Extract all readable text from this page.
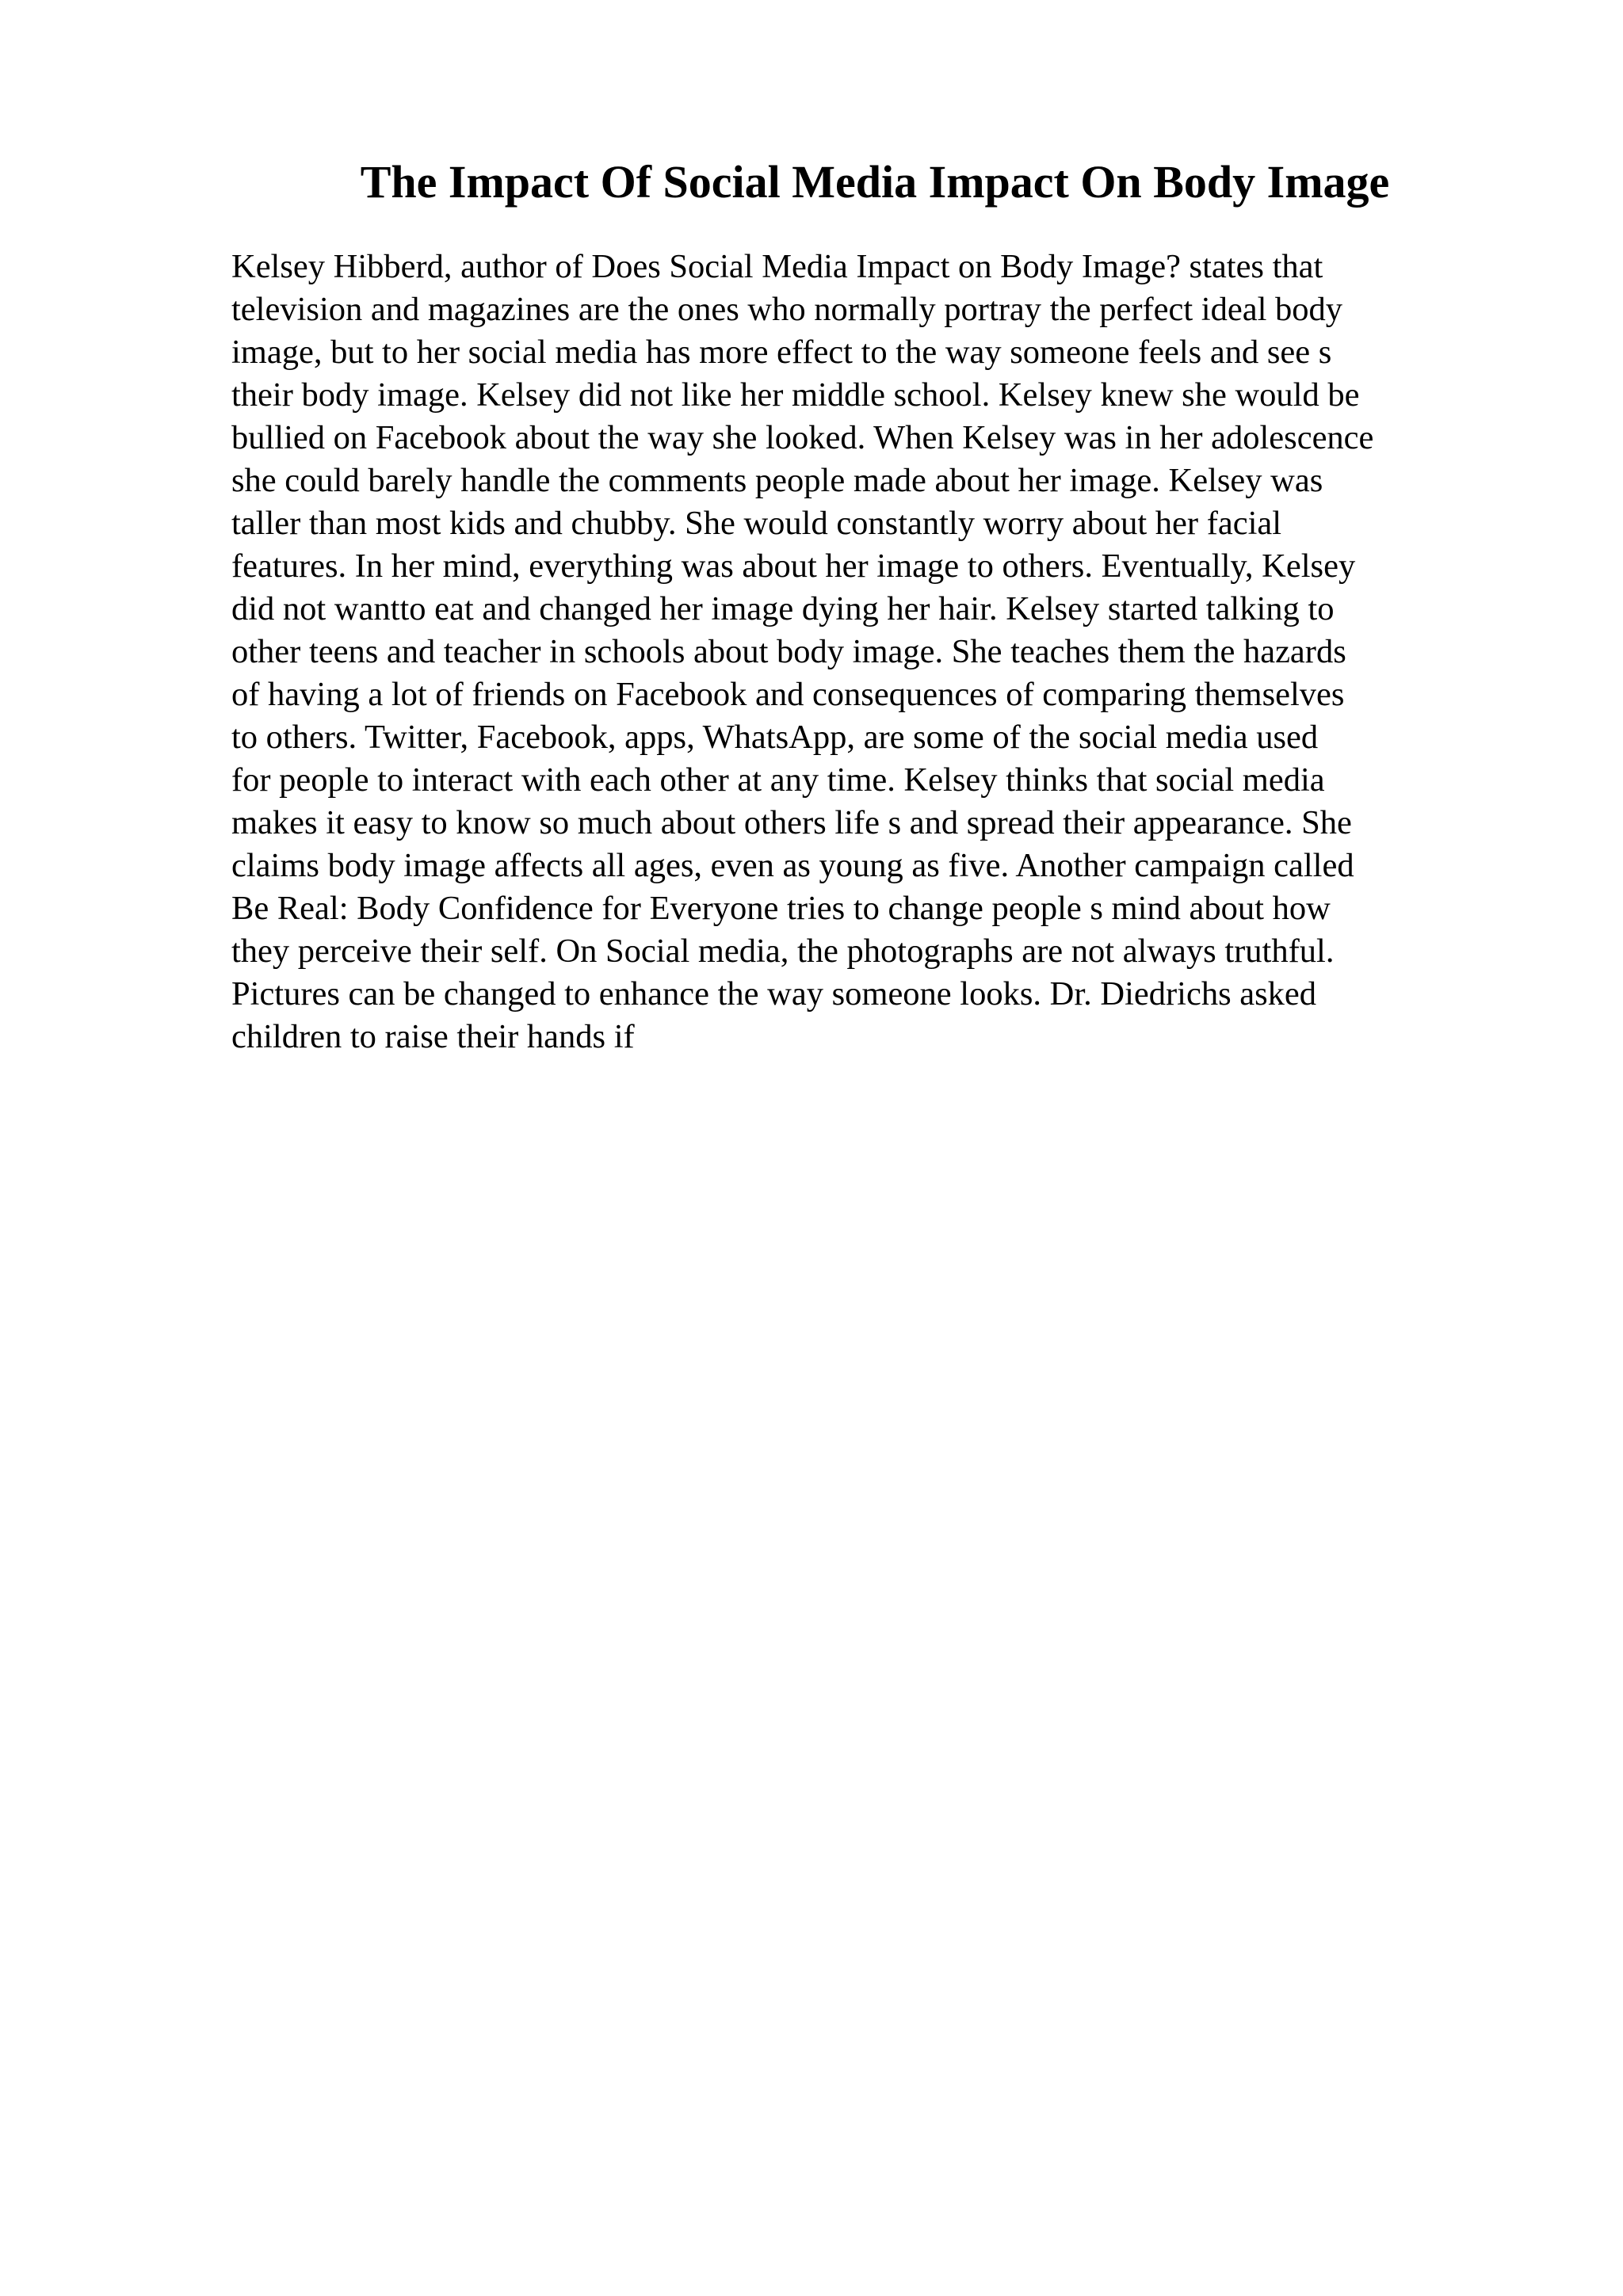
The Impact Of Social Media Impact On Body Image
Kelsey Hibberd, author of Does Social Media Impact on Body Image? states that
television and magazines are the ones who normally portray the perfect ideal body
image, but to her social media has more effect to the way someone feels and see s
their body image. Kelsey did not like her middle school. Kelsey knew she would be
bullied on Facebook about the way she looked. When Kelsey was in her adolescence
she could barely handle the comments people made about her image. Kelsey was
taller than most kids and chubby. She would constantly worry about her facial
features. In her mind, everything was about her image to others. Eventually, Kelsey
did not wantto eat and changed her image dying her hair. Kelsey started talking to
other teens and teacher in schools about body image. She teaches them the hazards
of having a lot of friends on Facebook and consequences of comparing themselves
to others. Twitter, Facebook, apps, WhatsApp, are some of the social media used
for people to interact with each other at any time. Kelsey thinks that social media
makes it easy to know so much about others life s and spread their appearance. She
claims body image affects all ages, even as young as five. Another campaign called
Be Real: Body Confidence for Everyone tries to change people s mind about how
they perceive their self. On Social media, the photographs are not always truthful.
Pictures can be changed to enhance the way someone looks. Dr. Diedrichs asked
children to raise their hands if
